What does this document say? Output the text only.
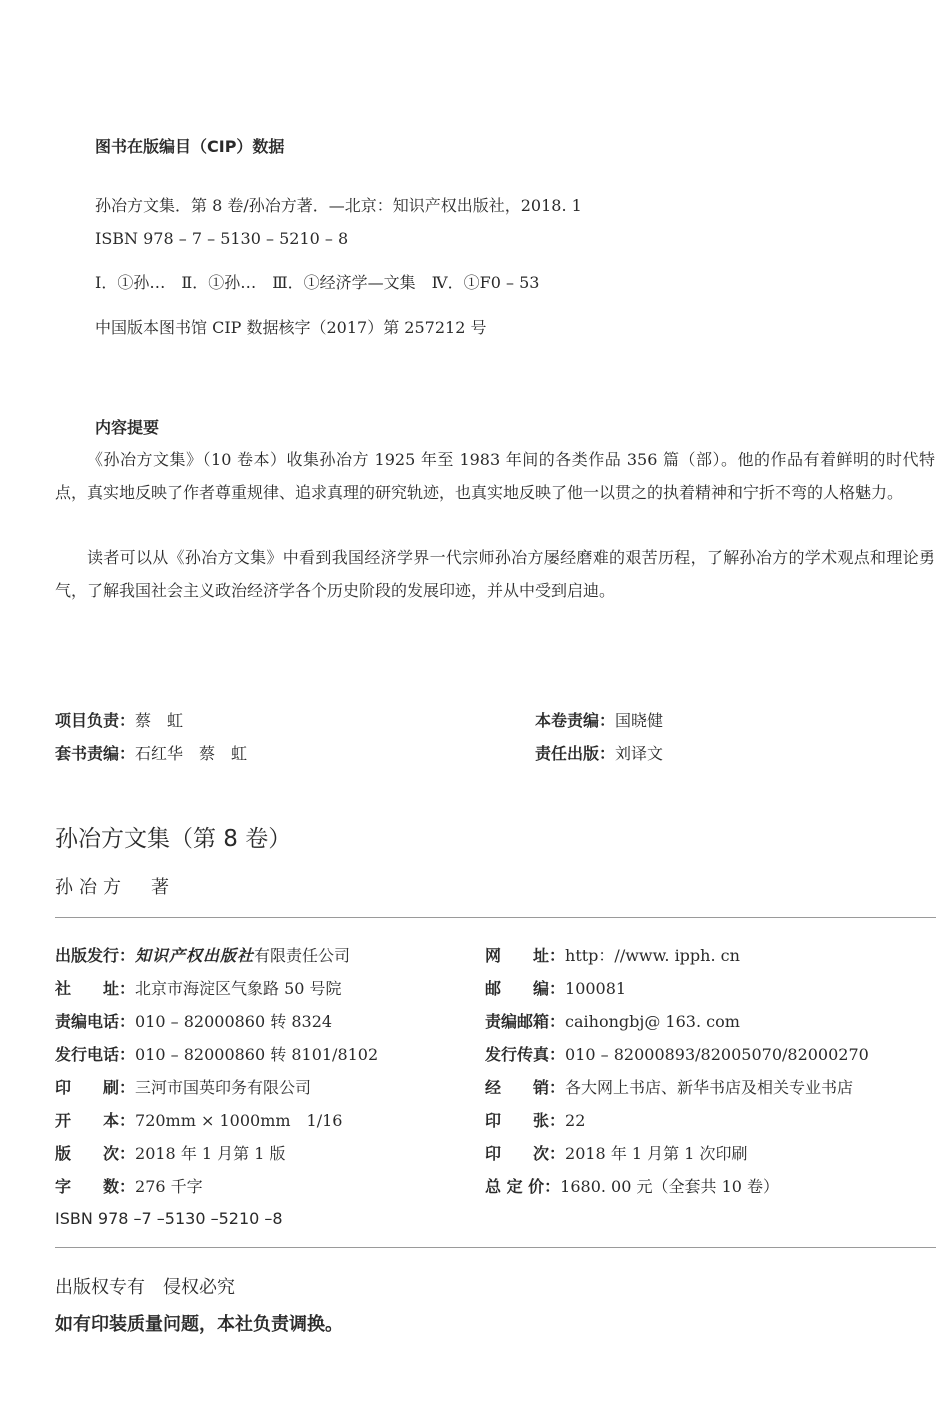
图书在版编目（CIP）数据
孙冶方文集．第 8 卷/孙冶方著．—北京：知识产权出版社，2018. 1
ISBN 978 – 7 – 5130 – 5210 – 8
Ⅰ．①孙…　Ⅱ．①孙…　Ⅲ．①经济学—文集　Ⅳ．①F0 – 53
中国版本图书馆 CIP 数据核字（2017）第 257212 号
内容提要
《孙冶方文集》（10 卷本）收集孙冶方 1925 年至 1983 年间的各类作品 356 篇（部）。他的作品有着鲜明的时代特点，真实地反映了作者尊重规律、追求真理的研究轨迹，也真实地反映了他一以贯之的执着精神和宁折不弯的人格魅力。
读者可以从《孙冶方文集》中看到我国经济学界一代宗师孙冶方屡经磨难的艰苦历程，了解孙冶方的学术观点和理论勇气，了解我国社会主义政治经济学各个历史阶段的发展印迹，并从中受到启迪。
项目负责：蔡　虹
套书责编：石红华　蔡　虹
本卷责编：国晓健
责任出版：刘译文
孙冶方文集（第 8 卷）
孙冶方　著
出版发行：知识产权出版社有限责任公司
社　　址：北京市海淀区气象路 50 号院
责编电话：010 – 82000860 转 8324
发行电话：010 – 82000860 转 8101/8102
印　　刷：三河市国英印务有限公司
开　　本：720mm × 1000mm　1/16
版　　次：2018 年 1 月第 1 版
字　　数：276 千字
ISBN 978 –7 –5130 –5210 –8
网　　址：http：//www. ipph. cn
邮　　编：100081
责编邮箱：caihongbj@ 163. com
发行传真：010 – 82000893/82005070/82000270
经　　销：各大网上书店、新华书店及相关专业书店
印　　张：22
印　　次：2018 年 1 月第 1 次印刷
总 定 价：1680. 00 元（全套共 10 卷）
出版权专有　侵权必究
如有印装质量问题，本社负责调换。
